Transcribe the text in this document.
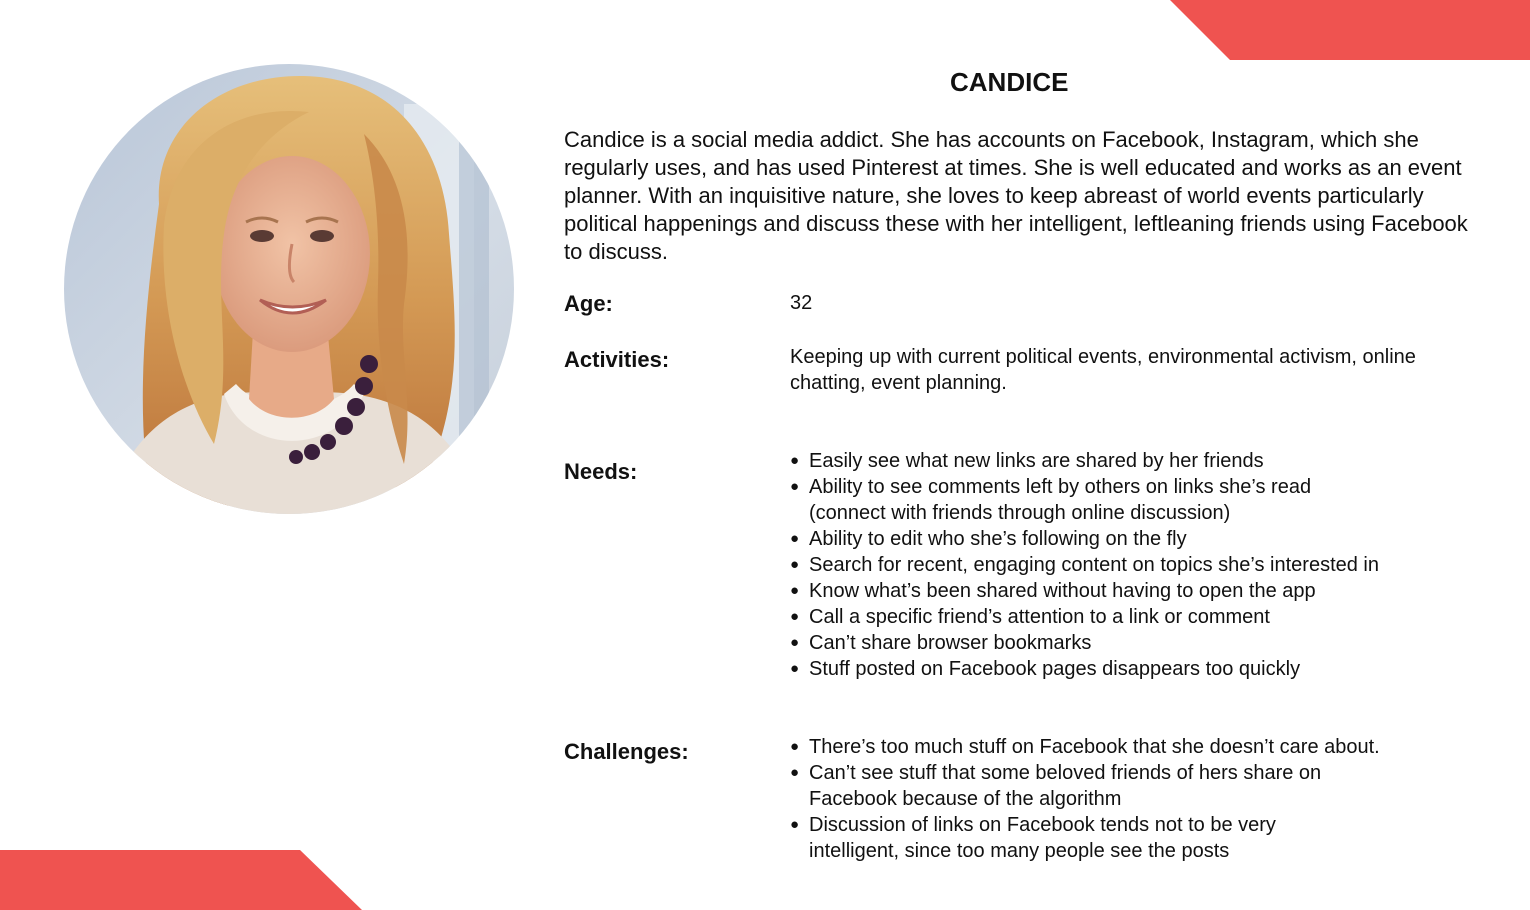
CANDICE

Candice is a social media addict. She has accounts on Facebook, Instagram, which she regularly uses, and has used Pinterest at times. She is well educated and works as an event planner. With an inquisitive nature, she loves to keep abreast of world events particularly political happenings and discuss these with her intelligent, leftleaning friends using Facebook to discuss.

Age:	32
Activities:	Keeping up with current political events, environmental activism, online chatting, event planning.
Needs:	● Easily see what new links are shared by her friends
● Ability to see comments left by others on links she’s read (connect with friends through online discussion)
● Ability to edit who she’s following on the fly
● Search for recent, engaging content on topics she’s interested in
● Know what’s been shared without having to open the app
● Call a specific friend’s attention to a link or comment
● Can’t share browser bookmarks
● Stuff posted on Facebook pages disappears too quickly
Challenges:	● There’s too much stuff on Facebook that she doesn’t care about.
● Can’t see stuff that some beloved friends of hers share on Facebook because of the algorithm
● Discussion of links on Facebook tends not to be very intelligent, since too many people see the posts
